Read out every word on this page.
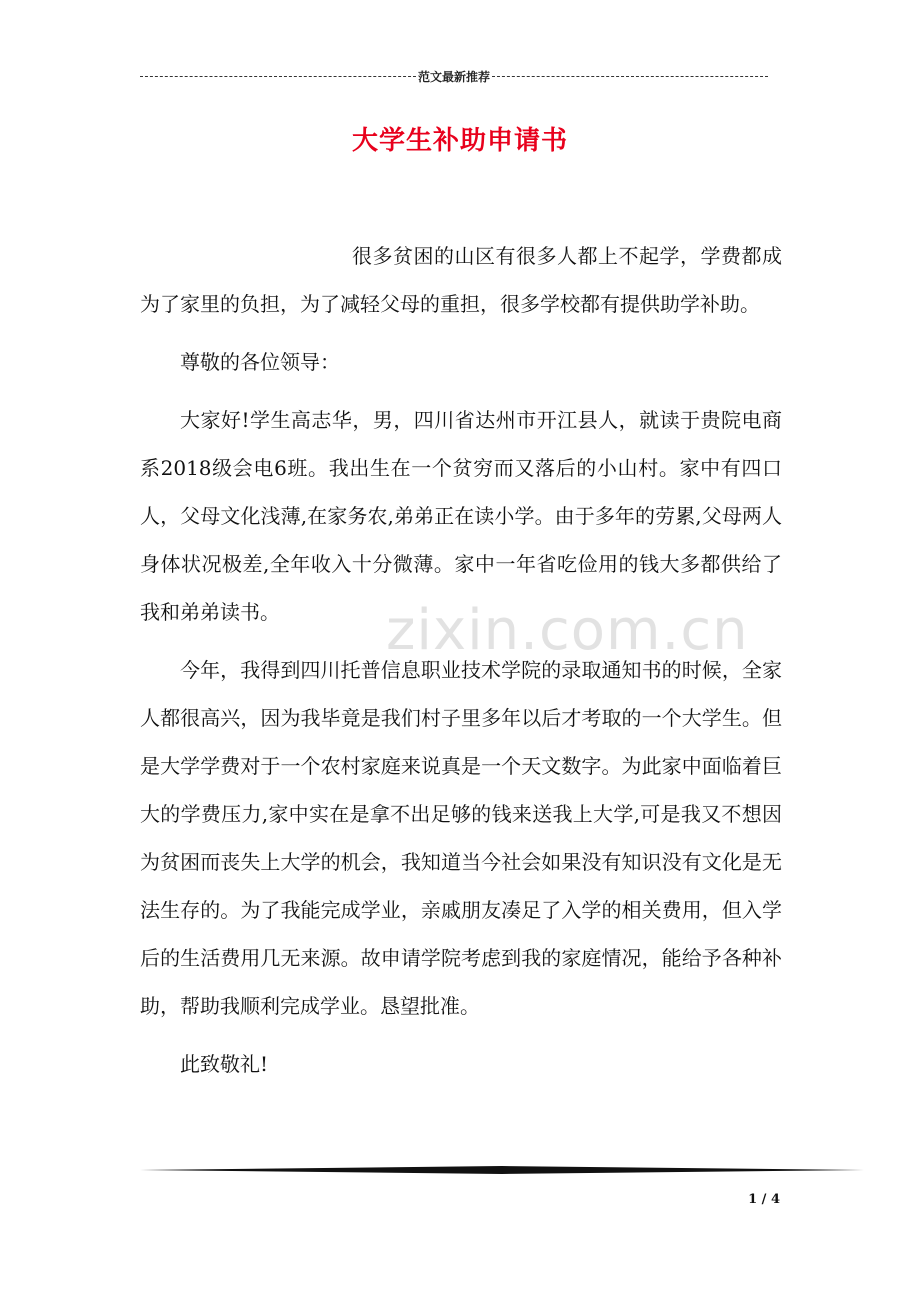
范文最新推荐
大学生补助申请书

很多贫困的山区有很多人都上不起学，学费都成为了家里的负担，为了减轻父母的重担，很多学校都有提供助学补助。

尊敬的各位领导：

大家好!学生高志华，男，四川省达州市开江县人，就读于贵院电商系2018级会电6班。我出生在一个贫穷而又落后的小山村。家中有四口人，父母文化浅薄,在家务农,弟弟正在读小学。由于多年的劳累,父母两人身体状况极差,全年收入十分微薄。家中一年省吃俭用的钱大多都供给了我和弟弟读书。

今年，我得到四川托普信息职业技术学院的录取通知书的时候，全家人都很高兴，因为我毕竟是我们村子里多年以后才考取的一个大学生。但是大学学费对于一个农村家庭来说真是一个天文数字。为此家中面临着巨大的学费压力,家中实在是拿不出足够的钱来送我上大学,可是我又不想因为贫困而丧失上大学的机会，我知道当今社会如果没有知识没有文化是无法生存的。为了我能完成学业，亲戚朋友凑足了入学的相关费用，但入学后的生活费用几无来源。故申请学院考虑到我的家庭情况，能给予各种补助，帮助我顺利完成学业。恳望批准。

此致敬礼!

zixin.com.cn
1 / 4
